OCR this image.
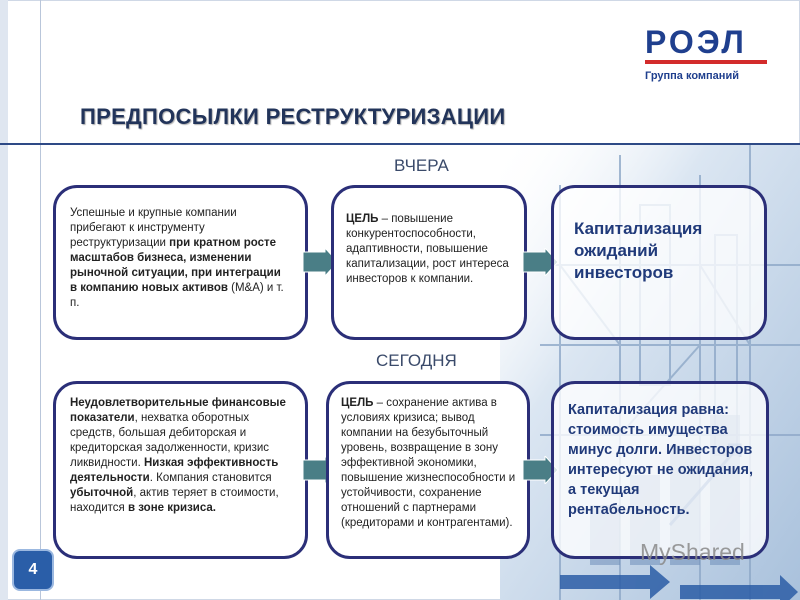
РОЭЛ
Группа компаний
ПРЕДПОСЫЛКИ РЕСТРУКТУРИЗАЦИИ
ВЧЕРА
Успешные и крупные компании прибегают к инструменту реструктуризации при кратном росте масштабов бизнеса, изменении рыночной ситуации, при интеграции в компанию новых активов (M&A) и т. п.
ЦЕЛЬ – повышение конкурентоспособности, адаптивности, повышение капитализации, рост интереса инвесторов к компании.
Капитализация ожиданий инвесторов
СЕГОДНЯ
Неудовлетворительные финансовые показатели, нехватка оборотных средств, большая дебиторская и кредиторская задолженности, кризис ликвидности. Низкая эффективность деятельности. Компания становится убыточной, актив теряет в стоимости, находится в зоне кризиса.
ЦЕЛЬ – сохранение актива в условиях кризиса; вывод компании на безубыточный уровень, возвращение в зону эффективной экономики, повышение жизнеспособности и устойчивости, сохранение отношений с партнерами (кредиторами и контрагентами).
Капитализация равна: стоимость имущества минус долги. Инвесторов интересуют не ожидания, а текущая рентабельность.
4
MyShared
